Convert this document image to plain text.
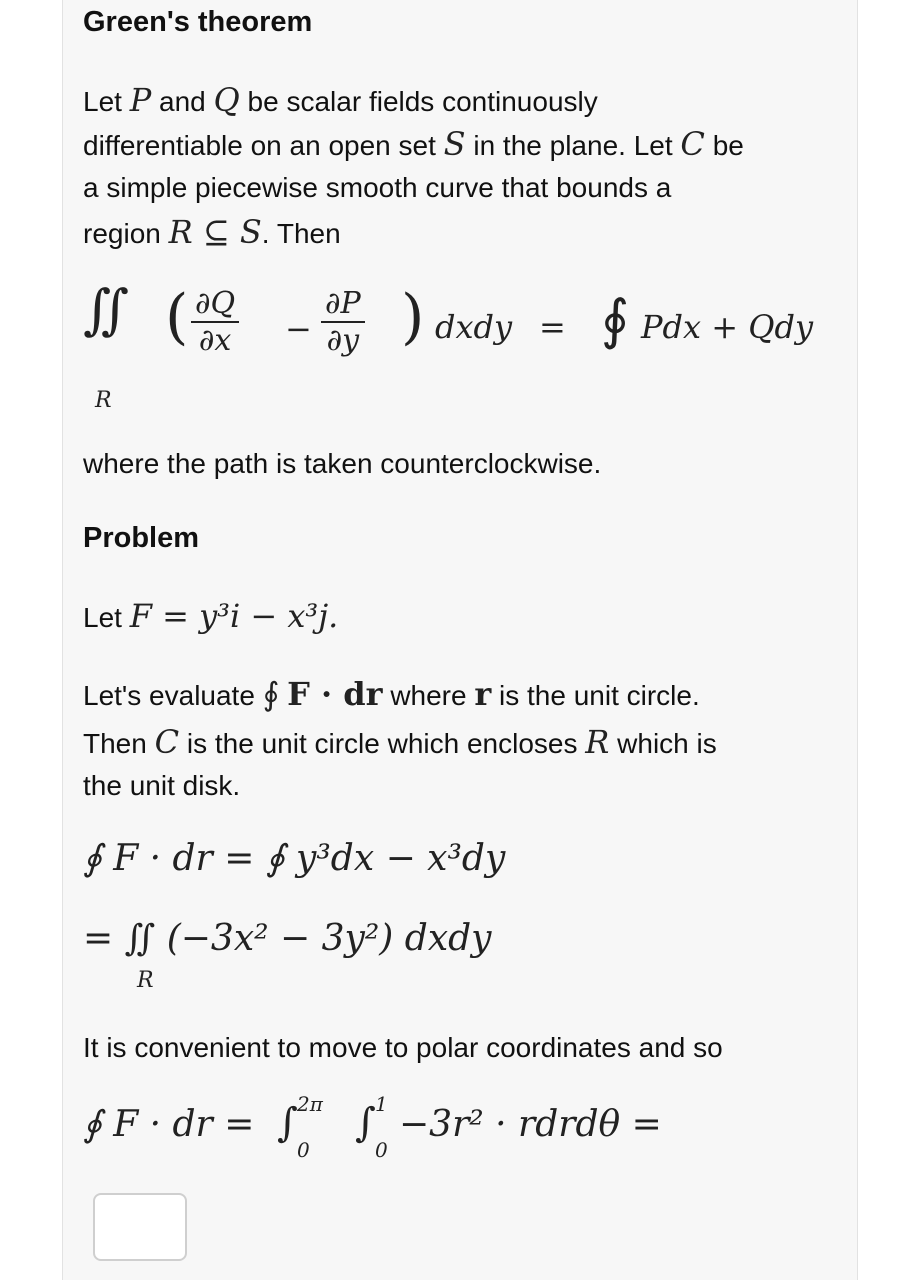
Green's theorem

Let P and Q be scalar fields continuously

differentiable on an open set S in the plane. Let C be

a simple piecewise smooth curve that bounds a

region R ⊆ S. Then

∬
R
( $\frac{\partial Q}{\partial x} - \frac{\partial P}{\partial y}$ ) dxdy = ∮ Pdx + Qdy

where the path is taken counterclockwise.

Problem

Let F = y³i − x³j.

Let's evaluate ∮ F · dr where r is the unit circle.

Then C is the unit circle which encloses R which is

the unit disk.

∮ F · dr = ∮ y³dx − x³dy
= ∬ (−3x² − 3y²) dxdy
R

It is convenient to move to polar coordinates and so

∮ F · dr = ∫ 2π
0
∫ 1
0
−3r² · rdrdθ =
